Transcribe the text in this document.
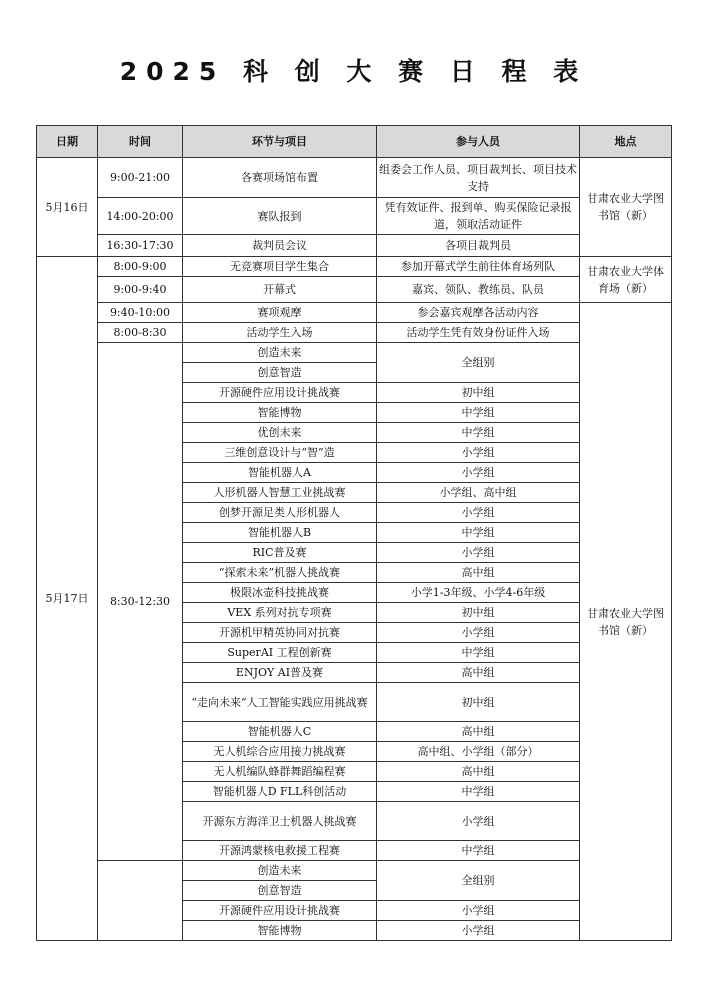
2025 科 创 大 赛 日 程 表
日期	时间	环节与项目	参与人员	地点
5月16日	9:00-21:00	各赛项场馆布置	组委会工作人员、项目裁判长、项目技术支持	甘肃农业大学图书馆（新）
	14:00-20:00	赛队报到	凭有效证件、报到单、购买保险记录报道，领取活动证件	
	16:30-17:30	裁判员会议	各项目裁判员	
5月17日	8:00-9:00	无竞赛项目学生集合	参加开幕式学生前往体育场列队	甘肃农业大学体育场（新）
	9:00-9:40	开幕式	嘉宾、领队、教练员、队员	
	9:40-10:00	赛项观摩	参会嘉宾观摩各活动内容	甘肃农业大学图书馆（新）
	8:00-8:30	活动学生入场	活动学生凭有效身份证件入场	
	8:30-12:30	创造未来	全组别	
		创意智造		
		开源硬件应用设计挑战赛	初中组	
		智能博物	中学组	
		优创未来	中学组	
		三维创意设计与“智”造	小学组	
		智能机器人A	小学组	
		人形机器人智慧工业挑战赛	小学组、高中组	
		创梦开源足类人形机器人	小学组	
		智能机器人B	中学组	
		RIC普及赛	小学组	
		“探索未来”机器人挑战赛	高中组	
		极限冰壶科技挑战赛	小学1-3年级、小学4-6年级	
		VEX 系列对抗专项赛	初中组	
		开源机甲精英协同对抗赛	小学组	
		SuperAI 工程创新赛	中学组	
		ENJOY AI普及赛	高中组	
		“走向未来”人工智能实践应用挑战赛	初中组	
		智能机器人C	高中组	
		无人机综合应用接力挑战赛	高中组、小学组（部分）	
		无人机编队蜂群舞蹈编程赛	高中组	
		智能机器人D FLL科创活动	中学组	
		开源东方海洋卫士机器人挑战赛	小学组	
		开源鸿蒙核电救援工程赛	中学组	
		创造未来	全组别	
		创意智造		
		开源硬件应用设计挑战赛	小学组	
		智能博物	小学组	
